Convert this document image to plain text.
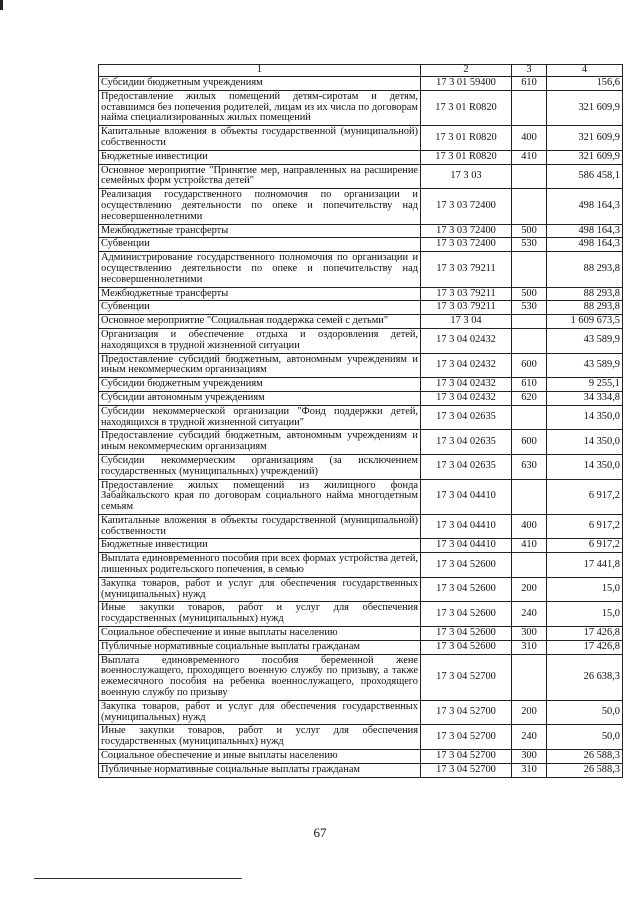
1	2	3	4
Субсидии бюджетным учреждениям	17 3 01 59400	610	156,6
Предоставление жилых помещений детям-сиротам и детям, оставшимся без попечения родителей, лицам из их числа по договорам найма специализированных жилых помещений	17 3 01 R0820		321 609,9
Капитальные вложения в объекты государственной (муниципальной) собственности	17 3 01 R0820	400	321 609,9
Бюджетные инвестиции	17 3 01 R0820	410	321 609,9
Основное мероприятие "Принятие мер, направленных на расширение семейных форм устройства детей"	17 3 03		586 458,1
Реализация государственного полномочия по организации и осуществлению деятельности по опеке и попечительству над несовершеннолетними	17 3 03 72400		498 164,3
Межбюджетные трансферты	17 3 03 72400	500	498 164,3
Субвенции	17 3 03 72400	530	498 164,3
Администрирование государственного полномочия по организации и осуществлению деятельности по опеке и попечительству над несовершеннолетними	17 3 03 79211		88 293,8
Межбюджетные трансферты	17 3 03 79211	500	88 293,8
Субвенции	17 3 03 79211	530	88 293,8
Основное мероприятие "Социальная поддержка семей с детьми"	17 3 04		1 609 673,5
Организация и обеспечение отдыха и оздоровления детей, находящихся в трудной жизненной ситуации	17 3 04 02432		43 589,9
Предоставление субсидий бюджетным, автономным учреждениям и иным некоммерческим организациям	17 3 04 02432	600	43 589,9
Субсидии бюджетным учреждениям	17 3 04 02432	610	9 255,1
Субсидии автономным учреждениям	17 3 04 02432	620	34 334,8
Субсидии некоммерческой организации "Фонд поддержки детей, находящихся в трудной жизненной ситуации"	17 3 04 02635		14 350,0
Предоставление субсидий бюджетным, автономным учреждениям и иным некоммерческим организациям	17 3 04 02635	600	14 350,0
Субсидии некоммерческим организациям (за исключением государственных (муниципальных) учреждений)	17 3 04 02635	630	14 350,0
Предоставление жилых помещений из жилищного фонда Забайкальского края по договорам социального найма многодетным семьям	17 3 04 04410		6 917,2
Капитальные вложения в объекты государственной (муниципальной) собственности	17 3 04 04410	400	6 917,2
Бюджетные инвестиции	17 3 04 04410	410	6 917,2
Выплата единовременного пособия при всех формах устройства детей, лишенных родительского попечения, в семью	17 3 04 52600		17 441,8
Закупка товаров, работ и услуг для обеспечения государственных (муниципальных) нужд	17 3 04 52600	200	15,0
Иные закупки товаров, работ и услуг для обеспечения государственных (муниципальных) нужд	17 3 04 52600	240	15,0
Социальное обеспечение и иные выплаты населению	17 3 04 52600	300	17 426,8
Публичные нормативные социальные выплаты гражданам	17 3 04 52600	310	17 426,8
Выплата единовременного пособия беременной жене военнослужащего, проходящего военную службу по призыву, а также ежемесячного пособия на ребенка военнослужащего, проходящего военную службу по призыву	17 3 04 52700		26 638,3
Закупка товаров, работ и услуг для обеспечения государственных (муниципальных) нужд	17 3 04 52700	200	50,0
Иные закупки товаров, работ и услуг для обеспечения государственных (муниципальных) нужд	17 3 04 52700	240	50,0
Социальное обеспечение и иные выплаты населению	17 3 04 52700	300	26 588,3
Публичные нормативные социальные выплаты гражданам	17 3 04 52700	310	26 588,3
67
